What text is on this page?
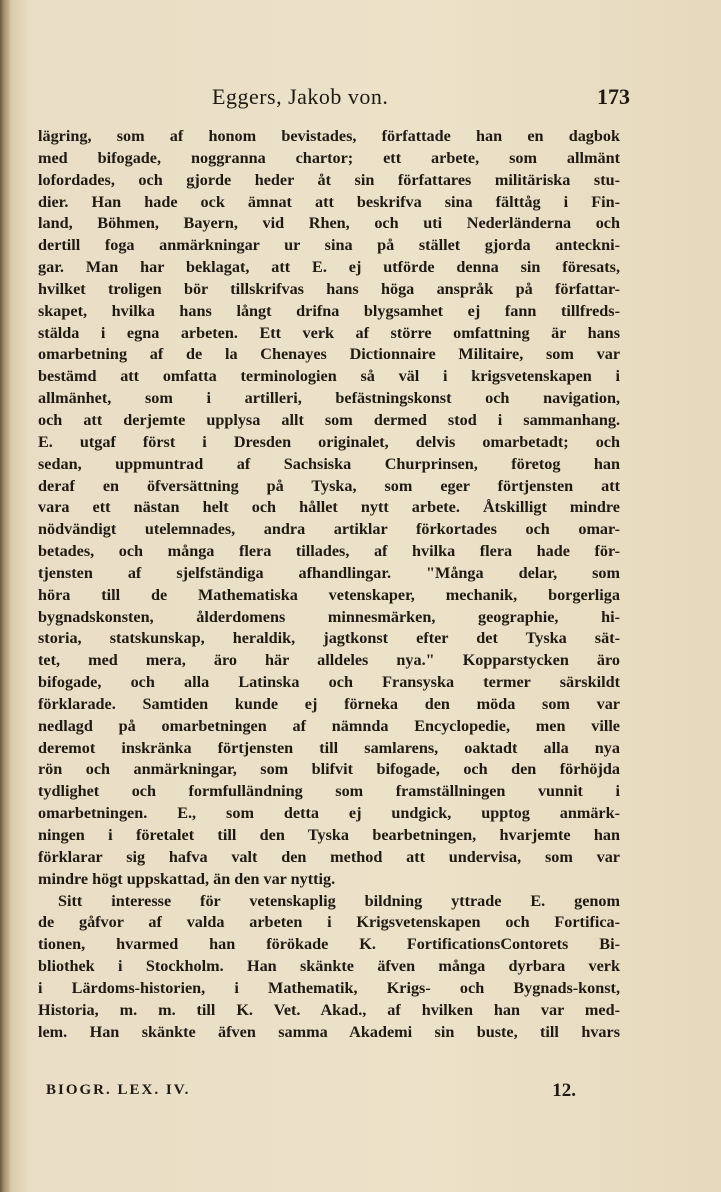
Eggers, Jakob von.	173
lägring, som af honom bevistades, författade han en dagbok
med bifogade, noggranna chartor; ett arbete, som allmänt
lofordades, och gjorde heder åt sin författares militäriska stu-
dier. Han hade ock ämnat att beskrifva sina fälttåg i Fin-
land, Böhmen, Bayern, vid Rhen, och uti Nederländerna och
dertill foga anmärkningar ur sina på stället gjorda anteckni-
gar. Man har beklagat, att E. ej utförde denna sin föresats,
hvilket troligen bör tillskrifvas hans höga anspråk på författar-
skapet, hvilka hans långt drifna blygsamhet ej fann tillfreds-
stälda i egna arbeten. Ett verk af större omfattning är hans
omarbetning af de la Chenayes Dictionnaire Militaire, som var
bestämd att omfatta terminologien så väl i krigsvetenskapen i
allmänhet, som i artilleri, befästningskonst och navigation,
och att derjemte upplysa allt som dermed stod i sammanhang.
E. utgaf först i Dresden originalet, delvis omarbetadt; och
sedan, uppmuntrad af Sachsiska Churprinsen, företog han
deraf en öfversättning på Tyska, som eger förtjensten att
vara ett nästan helt och hållet nytt arbete. Åtskilligt mindre
nödvändigt utelemnades, andra artiklar förkortades och omar-
betades, och många flera tillades, af hvilka flera hade för-
tjensten af sjelfständiga afhandlingar. "Många delar, som
höra till de Mathematiska vetenskaper, mechanik, borgerliga
bygnadskonsten, ålderdomens minnesmärken, geographie, hi-
storia, statskunskap, heraldik, jagtkonst efter det Tyska sät-
tet, med mera, äro här alldeles nya." Kopparstycken äro
bifogade, och alla Latinska och Fransyska termer särskildt
förklarade. Samtiden kunde ej förneka den möda som var
nedlagd på omarbetningen af nämnda Encyclopedie, men ville
deremot inskränka förtjensten till samlarens, oaktadt alla nya
rön och anmärkningar, som blifvit bifogade, och den förhöjda
tydlighet och formfulländning som framställningen vunnit i
omarbetningen. E., som detta ej undgick, upptog anmärk-
ningen i företalet till den Tyska bearbetningen, hvarjemte han
förklarar sig hafva valt den method att undervisa, som var
mindre högt uppskattad, än den var nyttig.
Sitt interesse för vetenskaplig bildning yttrade E. genom
de gåfvor af valda arbeten i Krigsvetenskapen och Fortifica-
tionen, hvarmed han förökade K. FortificationsContorets Bi-
bliothek i Stockholm. Han skänkte äfven många dyrbara verk
i Lärdoms-historien, i Mathematik, Krigs- och Bygnads-konst,
Historia, m. m. till K. Vet. Akad., af hvilken han var med-
lem. Han skänkte äfven samma Akademi sin buste, till hvars
BIOGR. LEX. IV.	12.
